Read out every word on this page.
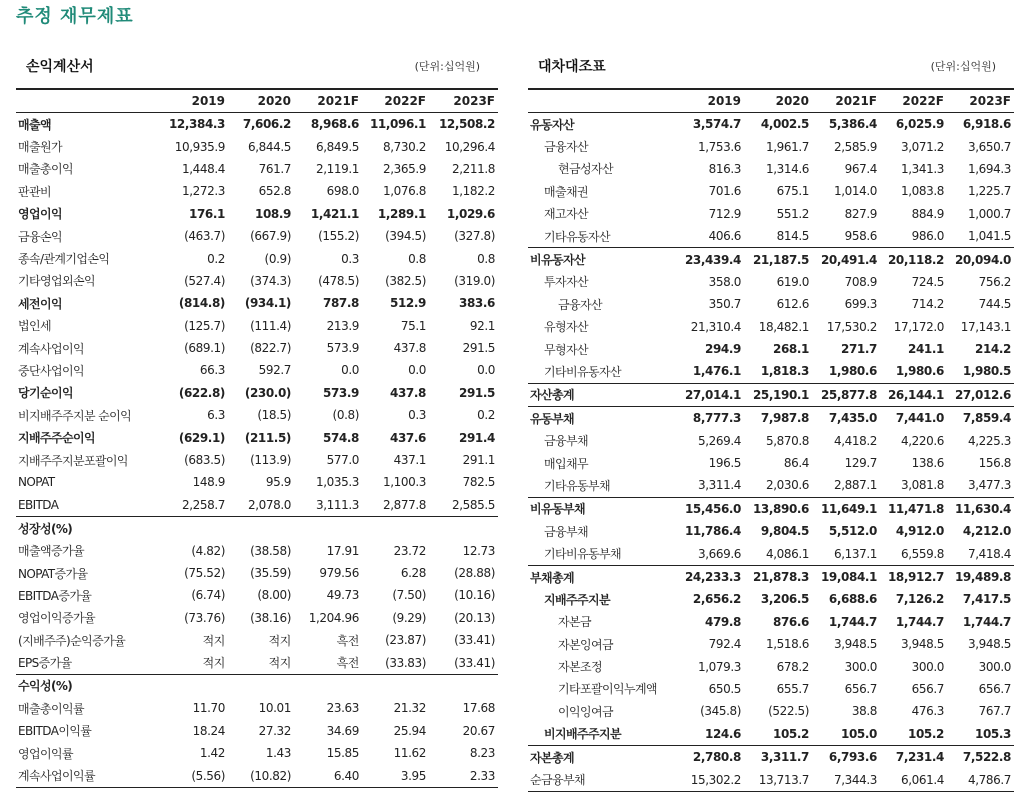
추정 재무제표
손익계산서	(단위:십억원)
	2019	2020	2021F	2022F	2023F
매출액	12,384.3	7,606.2	8,968.6	11,096.1	12,508.2
매출원가	10,935.9	6,844.5	6,849.5	8,730.2	10,296.4
매출총이익	1,448.4	761.7	2,119.1	2,365.9	2,211.8
판관비	1,272.3	652.8	698.0	1,076.8	1,182.2
영업이익	176.1	108.9	1,421.1	1,289.1	1,029.6
금융손익	(463.7)	(667.9)	(155.2)	(394.5)	(327.8)
종속/관계기업손익	0.2	(0.9)	0.3	0.8	0.8
기타영업외손익	(527.4)	(374.3)	(478.5)	(382.5)	(319.0)
세전이익	(814.8)	(934.1)	787.8	512.9	383.6
법인세	(125.7)	(111.4)	213.9	75.1	92.1
계속사업이익	(689.1)	(822.7)	573.9	437.8	291.5
중단사업이익	66.3	592.7	0.0	0.0	0.0
당기순이익	(622.8)	(230.0)	573.9	437.8	291.5
비지배주주지분 순이익	6.3	(18.5)	(0.8)	0.3	0.2
지배주주순이익	(629.1)	(211.5)	574.8	437.6	291.4
지배주주지분포괄이익	(683.5)	(113.9)	577.0	437.1	291.1
NOPAT	148.9	95.9	1,035.3	1,100.3	782.5
EBITDA	2,258.7	2,078.0	3,111.3	2,877.8	2,585.5
성장성(%)					
매출액증가율	(4.82)	(38.58)	17.91	23.72	12.73
NOPAT증가율	(75.52)	(35.59)	979.56	6.28	(28.88)
EBITDA증가율	(6.74)	(8.00)	49.73	(7.50)	(10.16)
영업이익증가율	(73.76)	(38.16)	1,204.96	(9.29)	(20.13)
(지배주주)순익증가율	적지	적지	흑전	(23.87)	(33.41)
EPS증가율	적지	적지	흑전	(33.83)	(33.41)
수익성(%)					
매출총이익률	11.70	10.01	23.63	21.32	17.68
EBITDA이익률	18.24	27.32	34.69	25.94	20.67
영업이익률	1.42	1.43	15.85	11.62	8.23
계속사업이익률	(5.56)	(10.82)	6.40	3.95	2.33
대차대조표	(단위:십억원)
	2019	2020	2021F	2022F	2023F
유동자산	3,574.7	4,002.5	5,386.4	6,025.9	6,918.6
금융자산	1,753.6	1,961.7	2,585.9	3,071.2	3,650.7
현금성자산	816.3	1,314.6	967.4	1,341.3	1,694.3
매출채권	701.6	675.1	1,014.0	1,083.8	1,225.7
재고자산	712.9	551.2	827.9	884.9	1,000.7
기타유동자산	406.6	814.5	958.6	986.0	1,041.5
비유동자산	23,439.4	21,187.5	20,491.4	20,118.2	20,094.0
투자자산	358.0	619.0	708.9	724.5	756.2
금융자산	350.7	612.6	699.3	714.2	744.5
유형자산	21,310.4	18,482.1	17,530.2	17,172.0	17,143.1
무형자산	294.9	268.1	271.7	241.1	214.2
기타비유동자산	1,476.1	1,818.3	1,980.6	1,980.6	1,980.5
자산총계	27,014.1	25,190.1	25,877.8	26,144.1	27,012.6
유동부채	8,777.3	7,987.8	7,435.0	7,441.0	7,859.4
금융부채	5,269.4	5,870.8	4,418.2	4,220.6	4,225.3
매입채무	196.5	86.4	129.7	138.6	156.8
기타유동부채	3,311.4	2,030.6	2,887.1	3,081.8	3,477.3
비유동부채	15,456.0	13,890.6	11,649.1	11,471.8	11,630.4
금융부채	11,786.4	9,804.5	5,512.0	4,912.0	4,212.0
기타비유동부채	3,669.6	4,086.1	6,137.1	6,559.8	7,418.4
부채총계	24,233.3	21,878.3	19,084.1	18,912.7	19,489.8
지배주주지분	2,656.2	3,206.5	6,688.6	7,126.2	7,417.5
자본금	479.8	876.6	1,744.7	1,744.7	1,744.7
자본잉여금	792.4	1,518.6	3,948.5	3,948.5	3,948.5
자본조정	1,079.3	678.2	300.0	300.0	300.0
기타포괄이익누계액	650.5	655.7	656.7	656.7	656.7
이익잉여금	(345.8)	(522.5)	38.8	476.3	767.7
비지배주주지분	124.6	105.2	105.0	105.2	105.3
자본총계	2,780.8	3,311.7	6,793.6	7,231.4	7,522.8
순금융부채	15,302.2	13,713.7	7,344.3	6,061.4	4,786.7
